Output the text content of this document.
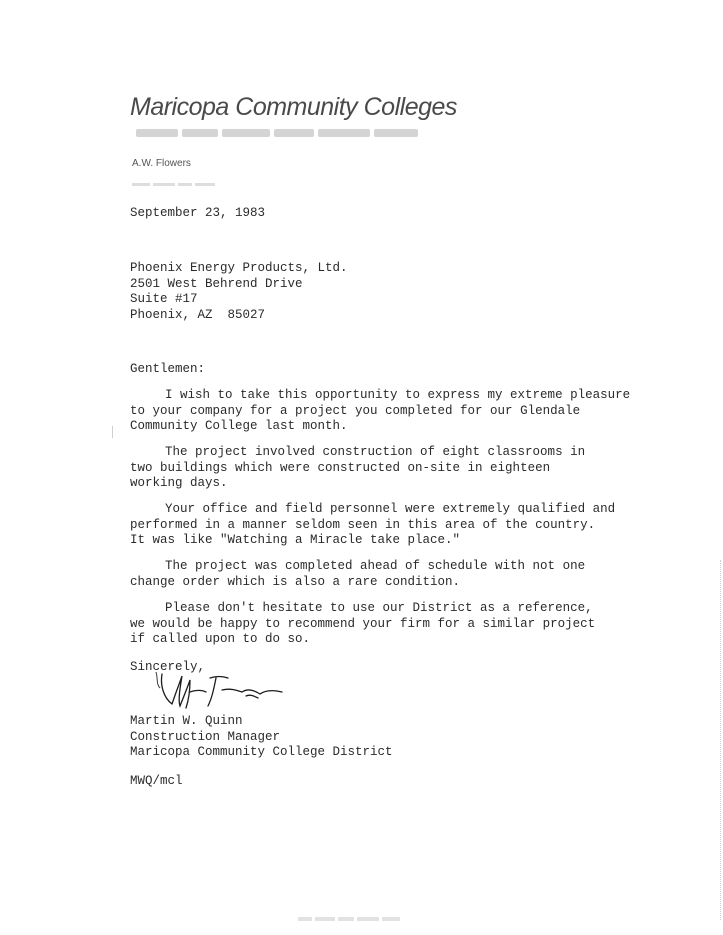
Maricopa Community Colleges
A.W. Flowers
September 23, 1983
Phoenix Energy Products, Ltd.
2501 West Behrend Drive
Suite #17
Phoenix, AZ  85027
Gentlemen:
I wish to take this opportunity to express my extreme pleasure
to your company for a project you completed for our Glendale
Community College last month.
The project involved construction of eight classrooms in
two buildings which were constructed on-site in eighteen
working days.
Your office and field personnel were extremely qualified and
performed in a manner seldom seen in this area of the country.
It was like "Watching a Miracle take place."
The project was completed ahead of schedule with not one
change order which is also a rare condition.
Please don't hesitate to use our District as a reference,
we would be happy to recommend your firm for a similar project
if called upon to do so.
Sincerely,
Martin W. Quinn
Construction Manager
Maricopa Community College District
MWQ/mcl
